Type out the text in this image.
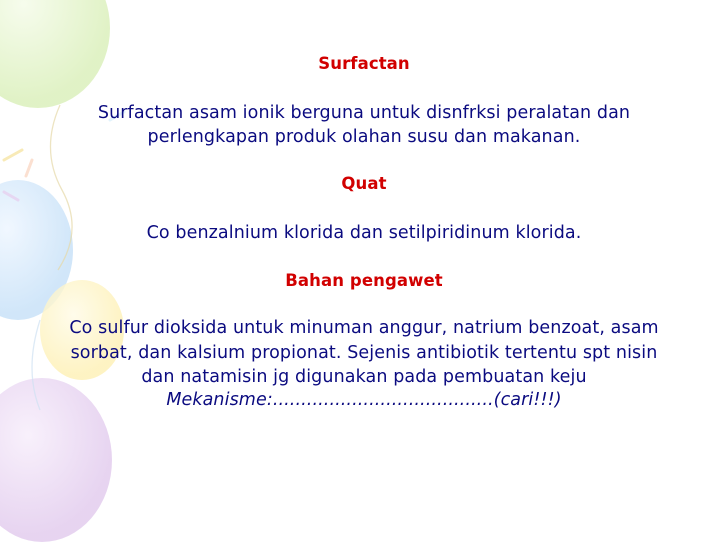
Surfactan
Surfactan asam ionik berguna untuk disnfrksi peralatan dan
perlengkapan produk olahan susu dan makanan.
Quat
Co benzalnium klorida dan setilpiridinum klorida.
Bahan pengawet
Co sulfur dioksida untuk minuman anggur, natrium benzoat, asam
sorbat, dan kalsium propionat. Sejenis antibiotik tertentu spt nisin
dan natamisin jg digunakan pada pembuatan keju
Mekanisme:.......................................(cari!!!)
